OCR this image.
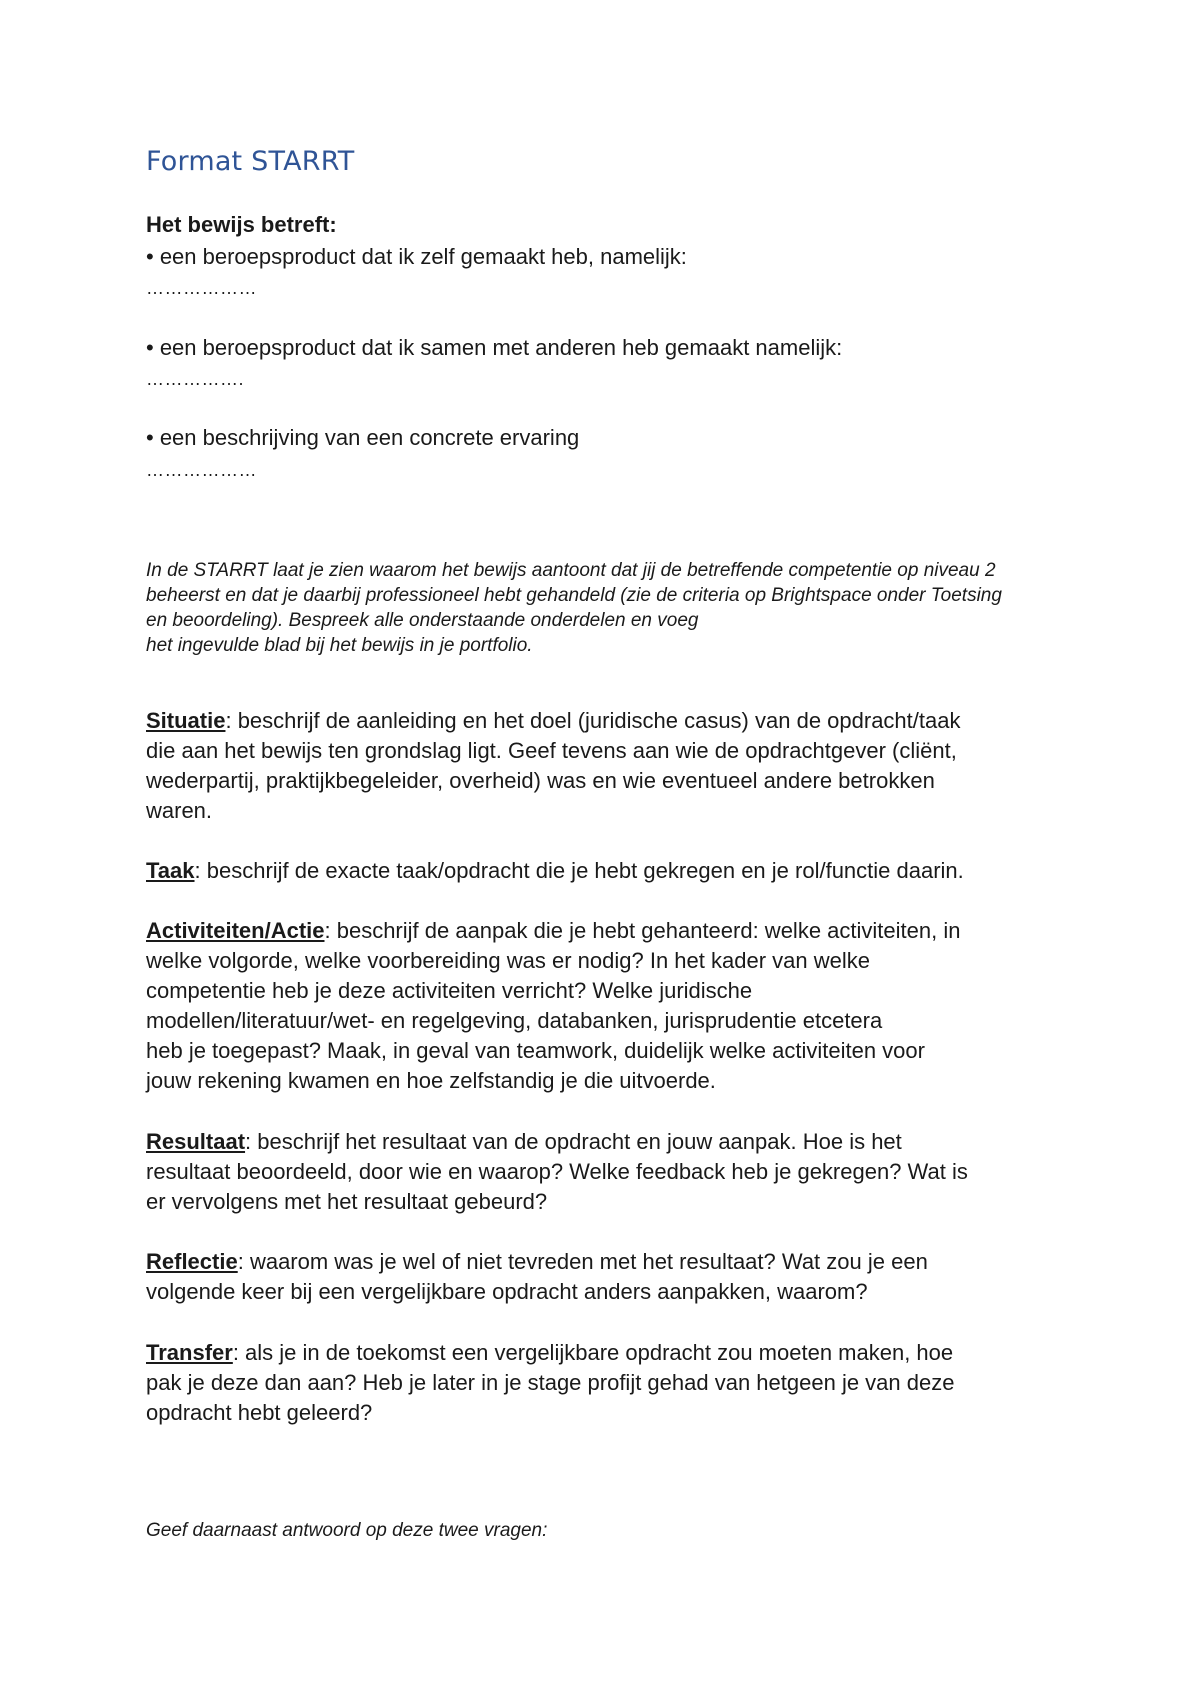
Format STARRT

Het bewijs betreft:

• een beroepsproduct dat ik zelf gemaakt heb, namelijk:

………………

• een beroepsproduct dat ik samen met anderen heb gemaakt namelijk:

…………….

• een beschrijving van een concrete ervaring

………………

In de STARRT laat je zien waarom het bewijs aantoont dat jij de betreffende competentie op niveau 2
beheerst en dat je daarbij professioneel hebt gehandeld (zie de criteria op Brightspace onder Toetsing
en beoordeling). Bespreek alle onderstaande onderdelen en voeg
het ingevulde blad bij het bewijs in je portfolio.
Situatie: beschrijf de aanleiding en het doel (juridische casus) van de opdracht/taak
die aan het bewijs ten grondslag ligt. Geef tevens aan wie de opdrachtgever (cliënt,
wederpartij, praktijkbegeleider, overheid) was en wie eventueel andere betrokken
waren.
Taak: beschrijf de exacte taak/opdracht die je hebt gekregen en je rol/functie daarin.
Activiteiten/Actie: beschrijf de aanpak die je hebt gehanteerd: welke activiteiten, in
welke volgorde, welke voorbereiding was er nodig? In het kader van welke
competentie heb je deze activiteiten verricht? Welke juridische
modellen/literatuur/wet- en regelgeving, databanken, jurisprudentie etcetera
heb je toegepast? Maak, in geval van teamwork, duidelijk welke activiteiten voor
jouw rekening kwamen en hoe zelfstandig je die uitvoerde.
Resultaat: beschrijf het resultaat van de opdracht en jouw aanpak. Hoe is het
resultaat beoordeeld, door wie en waarop? Welke feedback heb je gekregen? Wat is
er vervolgens met het resultaat gebeurd?
Reflectie: waarom was je wel of niet tevreden met het resultaat? Wat zou je een
volgende keer bij een vergelijkbare opdracht anders aanpakken, waarom?
Transfer: als je in de toekomst een vergelijkbare opdracht zou moeten maken, hoe
pak je deze dan aan? Heb je later in je stage profijt gehad van hetgeen je van deze
opdracht hebt geleerd?

Geef daarnaast antwoord op deze twee vragen:
